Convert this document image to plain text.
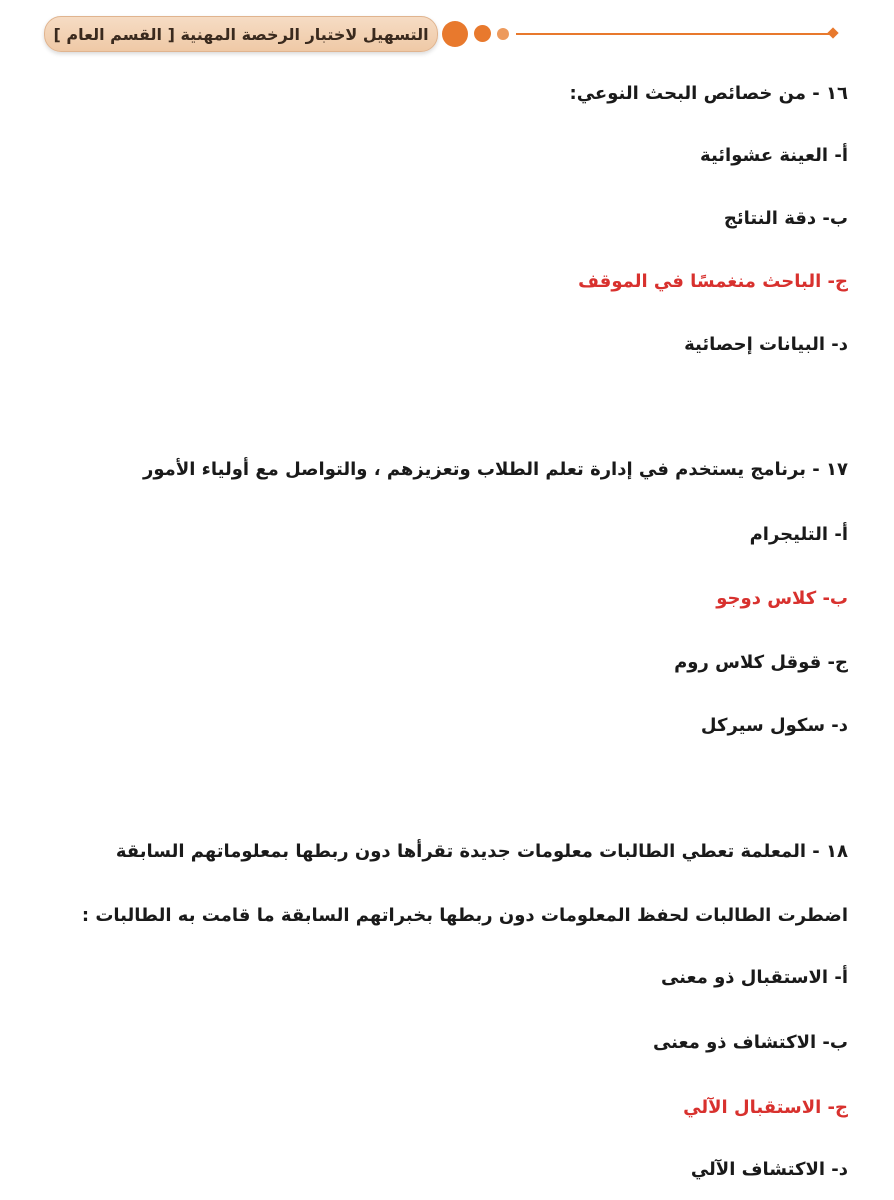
التسهيل لاختبار الرخصة المهنية [ القسم العام ]
١٦ - من خصائص البحث النوعي:
أ- العينة عشوائية
ب- دقة النتائج
ج- الباحث منغمسًا في الموقف
د- البيانات إحصائية
١٧ - برنامج يستخدم في إدارة تعلم الطلاب وتعزيزهم ، والتواصل مع أولياء الأمور
أ- التليجرام
ب- كلاس دوجو
ج- قوقل كلاس روم
د- سكول سيركل
١٨ - المعلمة تعطي الطالبات معلومات جديدة تقرأها دون ربطها بمعلوماتهم السابقة
اضطرت الطالبات لحفظ المعلومات دون ربطها بخبراتهم السابقة ما قامت به الطالبات :
أ- الاستقبال ذو معنى
ب- الاكتشاف ذو معنى
ج- الاستقبال الآلي
د- الاكتشاف الآلي
